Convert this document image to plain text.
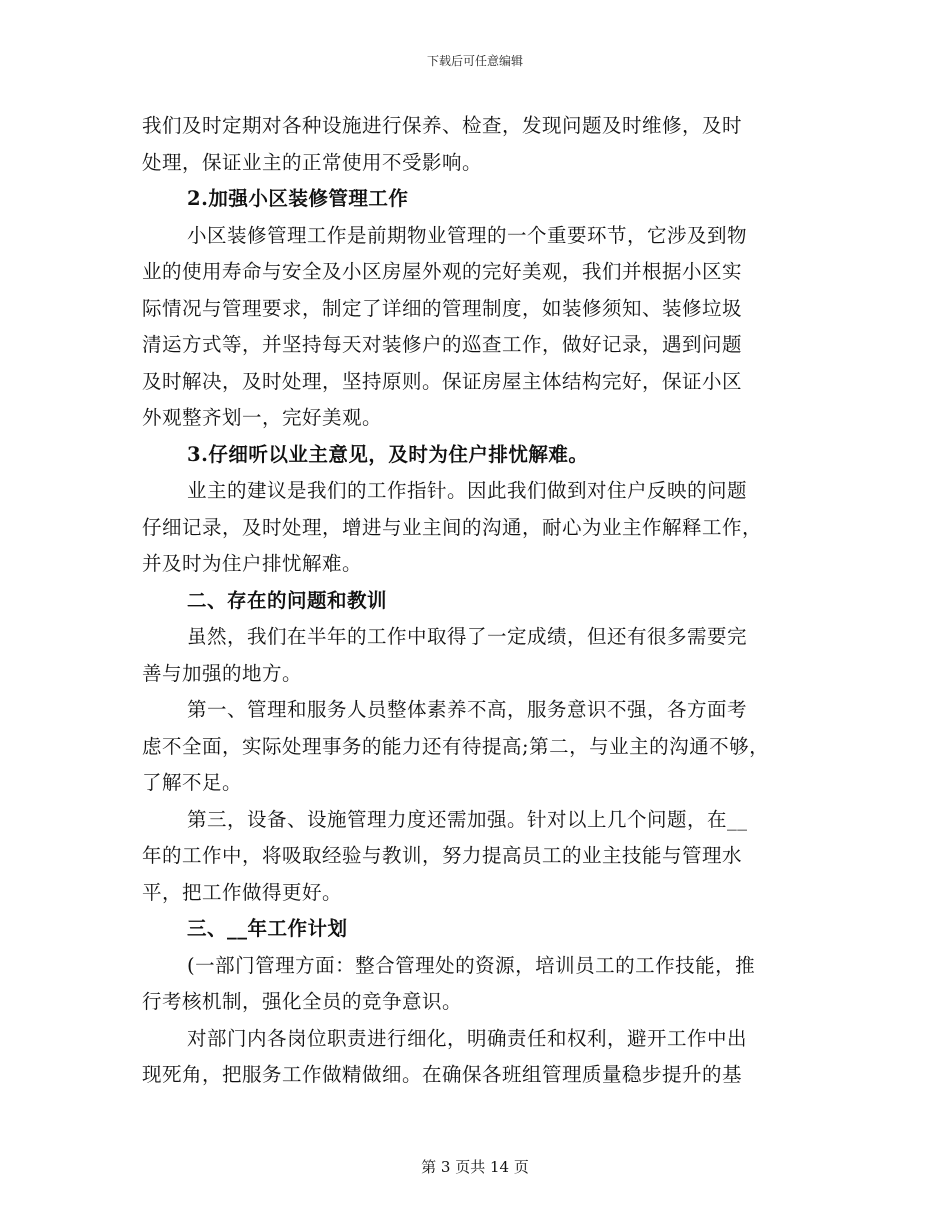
下载后可任意编辑

我们及时定期对各种设施进行保养、检查，发现问题及时维修，及时
处理，保证业主的正常使用不受影响。

2.加强小区装修管理工作

小区装修管理工作是前期物业管理的一个重要环节，它涉及到物
业的使用寿命与安全及小区房屋外观的完好美观，我们并根据小区实
际情况与管理要求，制定了详细的管理制度，如装修须知、装修垃圾
清运方式等，并坚持每天对装修户的巡查工作，做好记录，遇到问题
及时解决，及时处理，坚持原则。保证房屋主体结构完好，保证小区
外观整齐划一，完好美观。

3.仔细听以业主意见，及时为住户排忧解难。

业主的建议是我们的工作指针。因此我们做到对住户反映的问题
仔细记录，及时处理，增进与业主间的沟通，耐心为业主作解释工作，
并及时为住户排忧解难。

二、存在的问题和教训

虽然，我们在半年的工作中取得了一定成绩，但还有很多需要完
善与加强的地方。

第一、管理和服务人员整体素养不高，服务意识不强，各方面考
虑不全面，实际处理事务的能力还有待提高;第二，与业主的沟通不够，
了解不足。

第三，设备、设施管理力度还需加强。针对以上几个问题，在__
年的工作中，将吸取经验与教训，努力提高员工的业主技能与管理水
平，把工作做得更好。

三、__年工作计划

(一部门管理方面：整合管理处的资源，培训员工的工作技能，推
行考核机制，强化全员的竞争意识。

对部门内各岗位职责进行细化，明确责任和权利，避开工作中出
现死角，把服务工作做精做细。在确保各班组管理质量稳步提升的基

第 3 页共 14 页
